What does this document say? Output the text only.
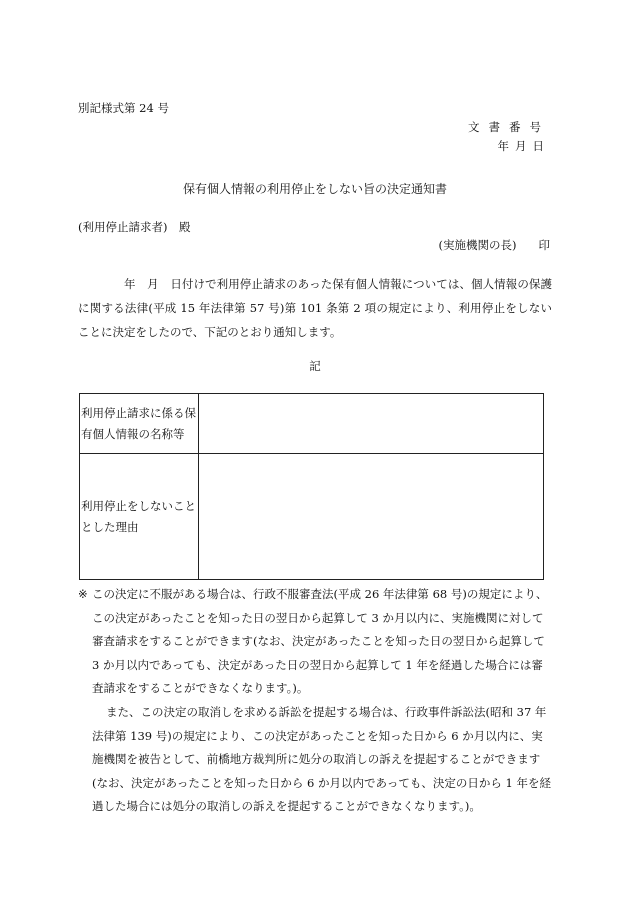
別記様式第 24 号
文書番号
年月日
保有個人情報の利用停止をしない旨の決定通知書
(利用停止請求者)　殿
(実施機関の長) 印

年　月　日付けで利用停止請求のあった保有個人情報については、個人情報の保護に関する法律(平成 15 年法律第 57 号)第 101 条第 2 項の規定により、利用停止をしないことに決定をしたので、下記のとおり通知します。

記
利用停止請求に係る保有個人情報の名称等	
利用停止をしないこととした理由	

※ この決定に不服がある場合は、行政不服審査法(平成 26 年法律第 68 号)の規定により、この決定があったことを知った日の翌日から起算して 3 か月以内に、実施機関に対して審査請求をすることができます(なお、決定があったことを知った日の翌日から起算して 3 か月以内であっても、決定があった日の翌日から起算して 1 年を経過した場合には審査請求をすることができなくなります。)。

また、この決定の取消しを求める訴訟を提起する場合は、行政事件訴訟法(昭和 37 年法律第 139 号)の規定により、この決定があったことを知った日から 6 か月以内に、実施機関を被告として、前橋地方裁判所に処分の取消しの訴えを提起することができます(なお、決定があったことを知った日から 6 か月以内であっても、決定の日から 1 年を経過した場合には処分の取消しの訴えを提起することができなくなります。)。
